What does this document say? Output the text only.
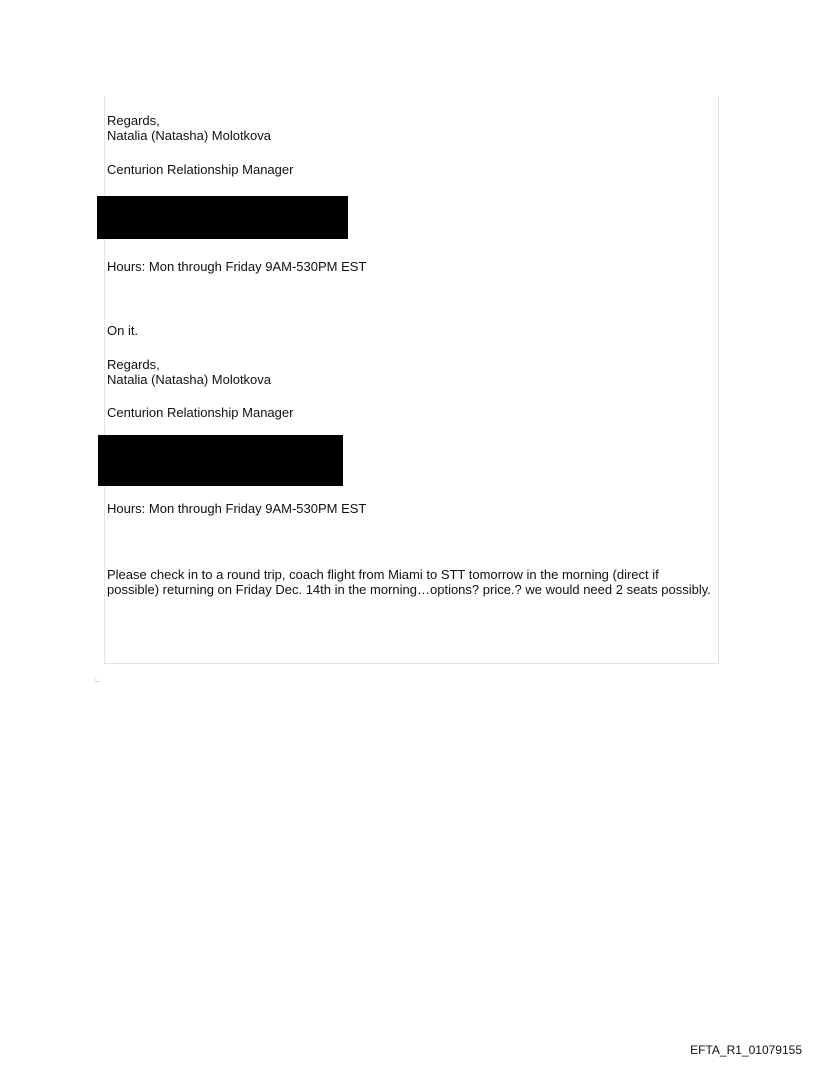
Regards,

Natalia (Natasha) Molotkova

Centurion Relationship Manager

Hours: Mon through Friday 9AM-530PM EST

On it.

Regards,

Natalia (Natasha) Molotkova

Centurion Relationship Manager

Hours: Mon through Friday 9AM-530PM EST

Please check in to a round trip, coach flight from Miami to STT tomorrow in the morning (direct if possible) returning on Friday Dec. 14th in the morning…options? price.? we would need 2 seats possibly.

:..
EFTA_R1_01079155
